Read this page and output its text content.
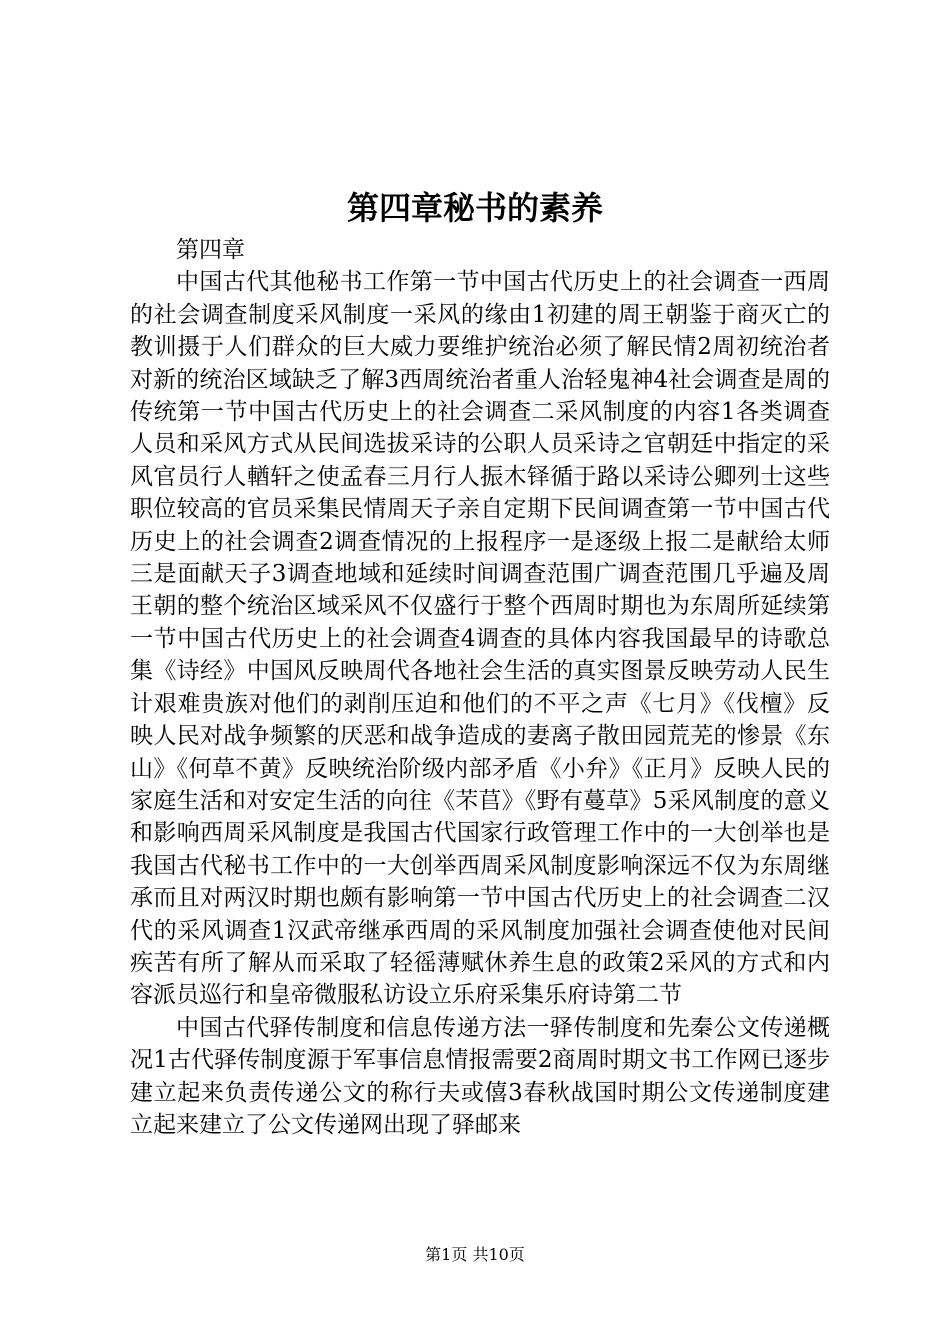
第四章秘书的素养

第四章

中国古代其他秘书工作第一节中国古代历史上的社会调查一西周的社会调查制度采风制度一采风的缘由1初建的周王朝鉴于商灭亡的教训摄于人们群众的巨大威力要维护统治必须了解民情2周初统治者对新的统治区域缺乏了解3西周统治者重人治轻鬼神4社会调查是周的传统第一节中国古代历史上的社会调查二采风制度的内容1各类调查人员和采风方式从民间选拔采诗的公职人员采诗之官朝廷中指定的采风官员行人輶轩之使孟春三月行人振木铎循于路以采诗公卿列士这些职位较高的官员采集民情周天子亲自定期下民间调查第一节中国古代历史上的社会调查2调查情况的上报程序一是逐级上报二是献给太师三是面献天子3调查地域和延续时间调查范围广调查范围几乎遍及周王朝的整个统治区域采风不仅盛行于整个西周时期也为东周所延续第一节中国古代历史上的社会调查4调查的具体内容我国最早的诗歌总集《诗经》中国风反映周代各地社会生活的真实图景反映劳动人民生计艰难贵族对他们的剥削压迫和他们的不平之声《七月》《伐檀》反映人民对战争频繁的厌恶和战争造成的妻离子散田园荒芜的惨景《东山》《何草不黄》反映统治阶级内部矛盾《小弁》《正月》反映人民的家庭生活和对安定生活的向往《芣苢》《野有蔓草》5采风制度的意义和影响西周采风制度是我国古代国家行政管理工作中的一大创举也是我国古代秘书工作中的一大创举西周采风制度影响深远不仅为东周继承而且对两汉时期也颇有影响第一节中国古代历史上的社会调查二汉代的采风调查1汉武帝继承西周的采风制度加强社会调查使他对民间疾苦有所了解从而采取了轻徭薄赋休养生息的政策2采风的方式和内容派员巡行和皇帝微服私访设立乐府采集乐府诗第二节

中国古代驿传制度和信息传递方法一驿传制度和先秦公文传递概况1古代驿传制度源于军事信息情报需要2商周时期文书工作网已逐步建立起来负责传递公文的称行夫或僖3春秋战国时期公文传递制度建立起来建立了公文传递网出现了驿邮来

第1页 共10页
